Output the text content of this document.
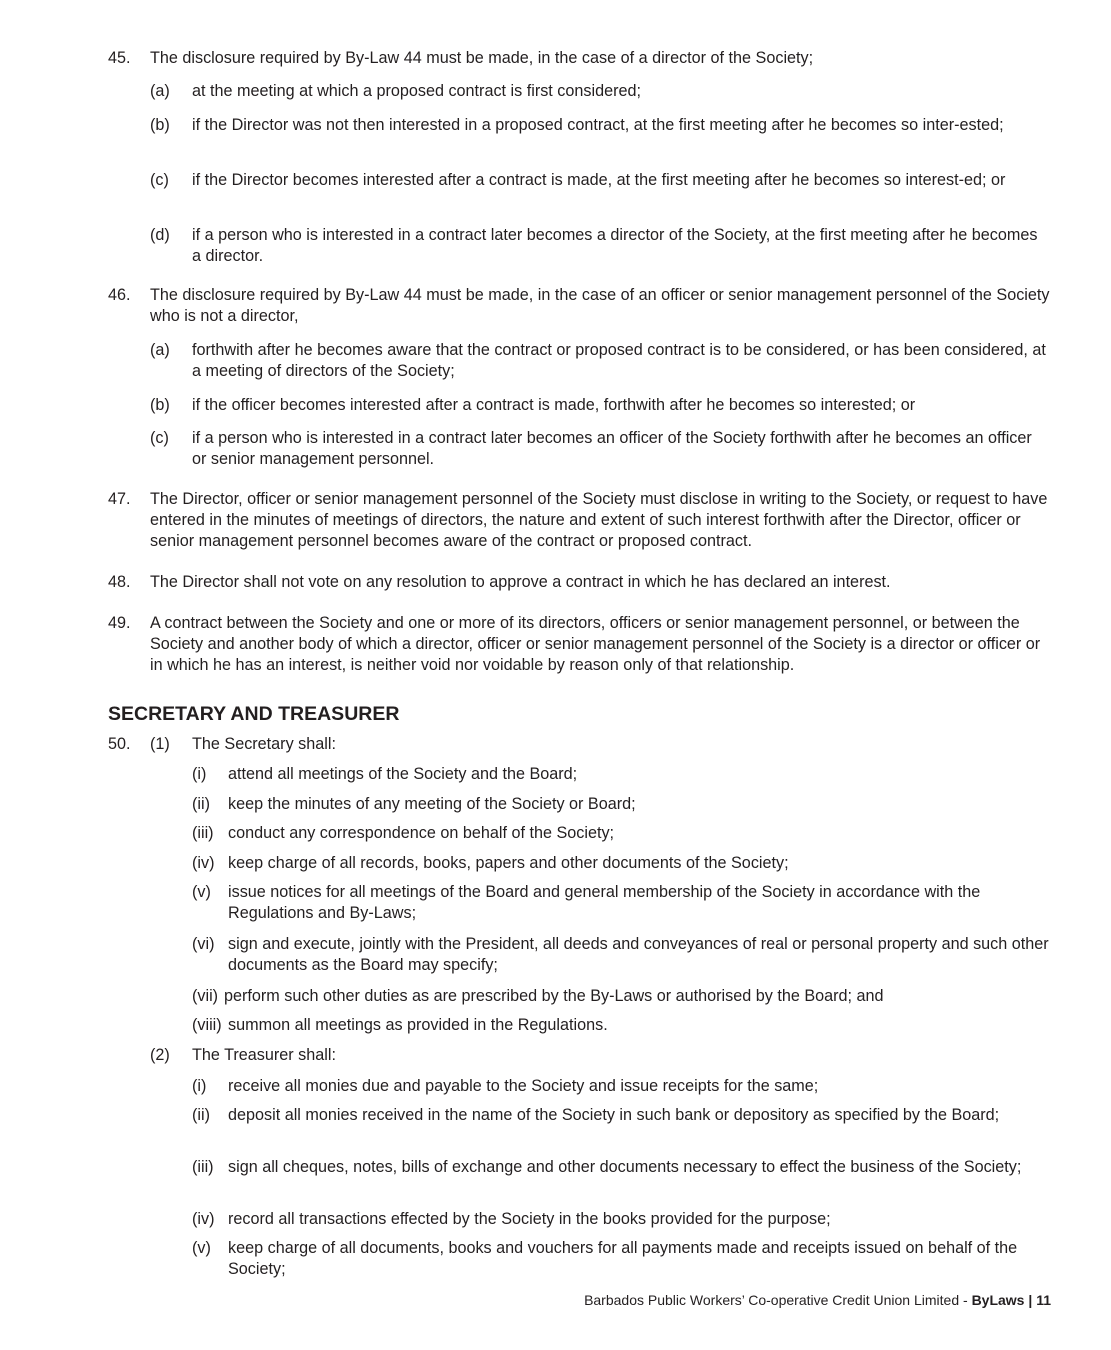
45. The disclosure required by By-Law 44 must be made, in the case of a director of the Society;
(a) at the meeting at which a proposed contract is first considered;
(b) if the Director was not then interested in a proposed contract, at the first meeting after he becomes so inter-ested;
(c) if the Director becomes interested after a contract is made, at the first meeting after he becomes so interest-ed; or
(d) if a person who is interested in a contract later becomes a director of the Society, at the first meeting after he becomes a director.
46. The disclosure required by By-Law 44 must be made, in the case of an officer or senior management personnel of the Society who is not a director,
(a) forthwith after he becomes aware that the contract or proposed contract is to be considered, or has been considered, at a meeting of directors of the Society;
(b) if the officer becomes interested after a contract is made, forthwith after he becomes so interested; or
(c) if a person who is interested in a contract later becomes an officer of the Society forthwith after he becomes an officer or senior management personnel.
47. The Director, officer or senior management personnel of the Society must disclose in writing to the Society, or request to have entered in the minutes of meetings of directors, the nature and extent of such interest forthwith after the Director, officer or senior management personnel becomes aware of the contract or proposed contract.
48. The Director shall not vote on any resolution to approve a contract in which he has declared an interest.
49. A contract between the Society and one or more of its directors, officers or senior management personnel, or between the Society and another body of which a director, officer or senior management personnel of the Society is a director or officer or in which he has an interest, is neither void nor voidable by reason only of that relationship.
SECRETARY AND TREASURER
50. (1) The Secretary shall:
(i) attend all meetings of the Society and the Board;
(ii) keep the minutes of any meeting of the Society or Board;
(iii) conduct any correspondence on behalf of the Society;
(iv) keep charge of all records, books, papers and other documents of the Society;
(v) issue notices for all meetings of the Board and general membership of the Society in accordance with the Regulations and By-Laws;
(vi) sign and execute, jointly with the President, all deeds and conveyances of real or personal property and such other documents as the Board may specify;
(vii) perform such other duties as are prescribed by the By-Laws or authorised by the Board; and
(viii) summon all meetings as provided in the Regulations.
(2) The Treasurer shall:
(i) receive all monies due and payable to the Society and issue receipts for the same;
(ii) deposit all monies received in the name of the Society in such bank or depository as specified by the Board;
(iii) sign all cheques, notes, bills of exchange and other documents necessary to effect the business of the Society;
(iv) record all transactions effected by the Society in the books provided for the purpose;
(v) keep charge of all documents, books and vouchers for all payments made and receipts issued on behalf of the Society;
Barbados Public Workers’ Co-operative Credit Union Limited - ByLaws | 11
